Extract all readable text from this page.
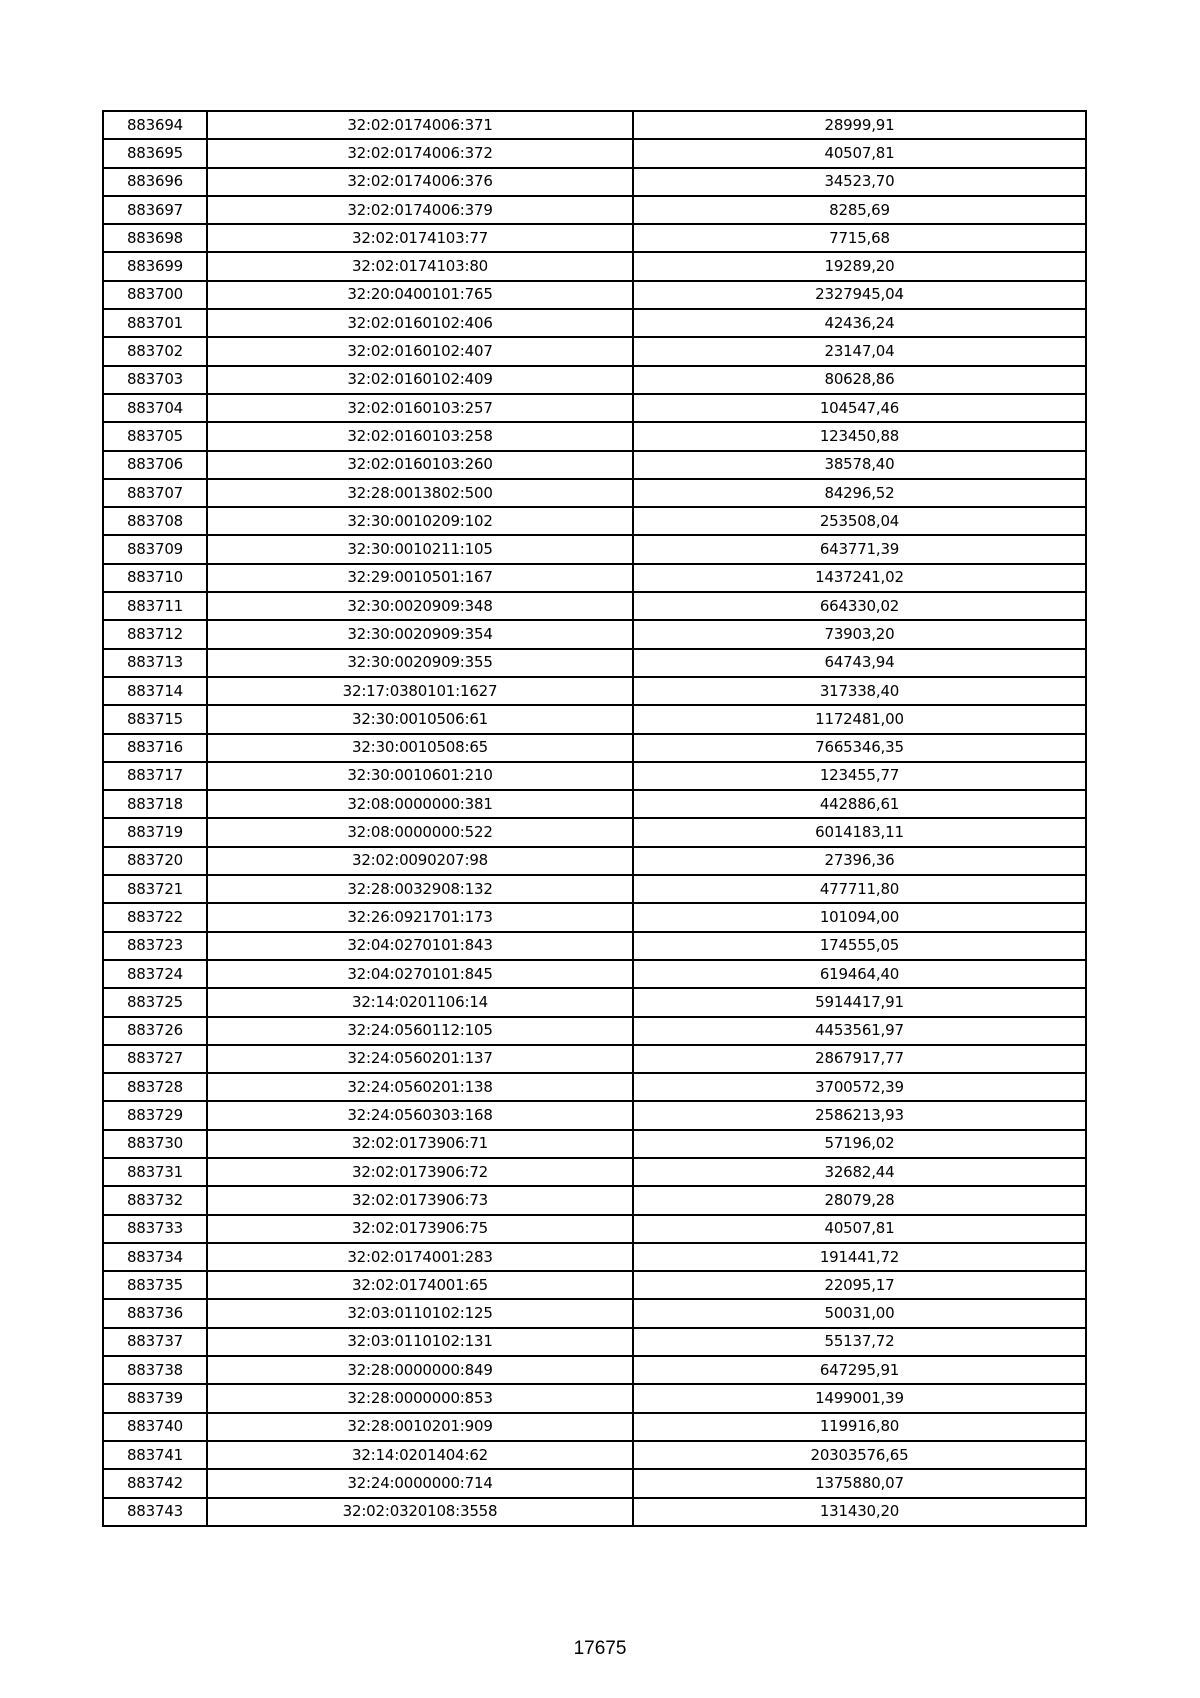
883694	32:02:0174006:371	28999,91
883695	32:02:0174006:372	40507,81
883696	32:02:0174006:376	34523,70
883697	32:02:0174006:379	8285,69
883698	32:02:0174103:77	7715,68
883699	32:02:0174103:80	19289,20
883700	32:20:0400101:765	2327945,04
883701	32:02:0160102:406	42436,24
883702	32:02:0160102:407	23147,04
883703	32:02:0160102:409	80628,86
883704	32:02:0160103:257	104547,46
883705	32:02:0160103:258	123450,88
883706	32:02:0160103:260	38578,40
883707	32:28:0013802:500	84296,52
883708	32:30:0010209:102	253508,04
883709	32:30:0010211:105	643771,39
883710	32:29:0010501:167	1437241,02
883711	32:30:0020909:348	664330,02
883712	32:30:0020909:354	73903,20
883713	32:30:0020909:355	64743,94
883714	32:17:0380101:1627	317338,40
883715	32:30:0010506:61	1172481,00
883716	32:30:0010508:65	7665346,35
883717	32:30:0010601:210	123455,77
883718	32:08:0000000:381	442886,61
883719	32:08:0000000:522	6014183,11
883720	32:02:0090207:98	27396,36
883721	32:28:0032908:132	477711,80
883722	32:26:0921701:173	101094,00
883723	32:04:0270101:843	174555,05
883724	32:04:0270101:845	619464,40
883725	32:14:0201106:14	5914417,91
883726	32:24:0560112:105	4453561,97
883727	32:24:0560201:137	2867917,77
883728	32:24:0560201:138	3700572,39
883729	32:24:0560303:168	2586213,93
883730	32:02:0173906:71	57196,02
883731	32:02:0173906:72	32682,44
883732	32:02:0173906:73	28079,28
883733	32:02:0173906:75	40507,81
883734	32:02:0174001:283	191441,72
883735	32:02:0174001:65	22095,17
883736	32:03:0110102:125	50031,00
883737	32:03:0110102:131	55137,72
883738	32:28:0000000:849	647295,91
883739	32:28:0000000:853	1499001,39
883740	32:28:0010201:909	119916,80
883741	32:14:0201404:62	20303576,65
883742	32:24:0000000:714	1375880,07
883743	32:02:0320108:3558	131430,20
17675
